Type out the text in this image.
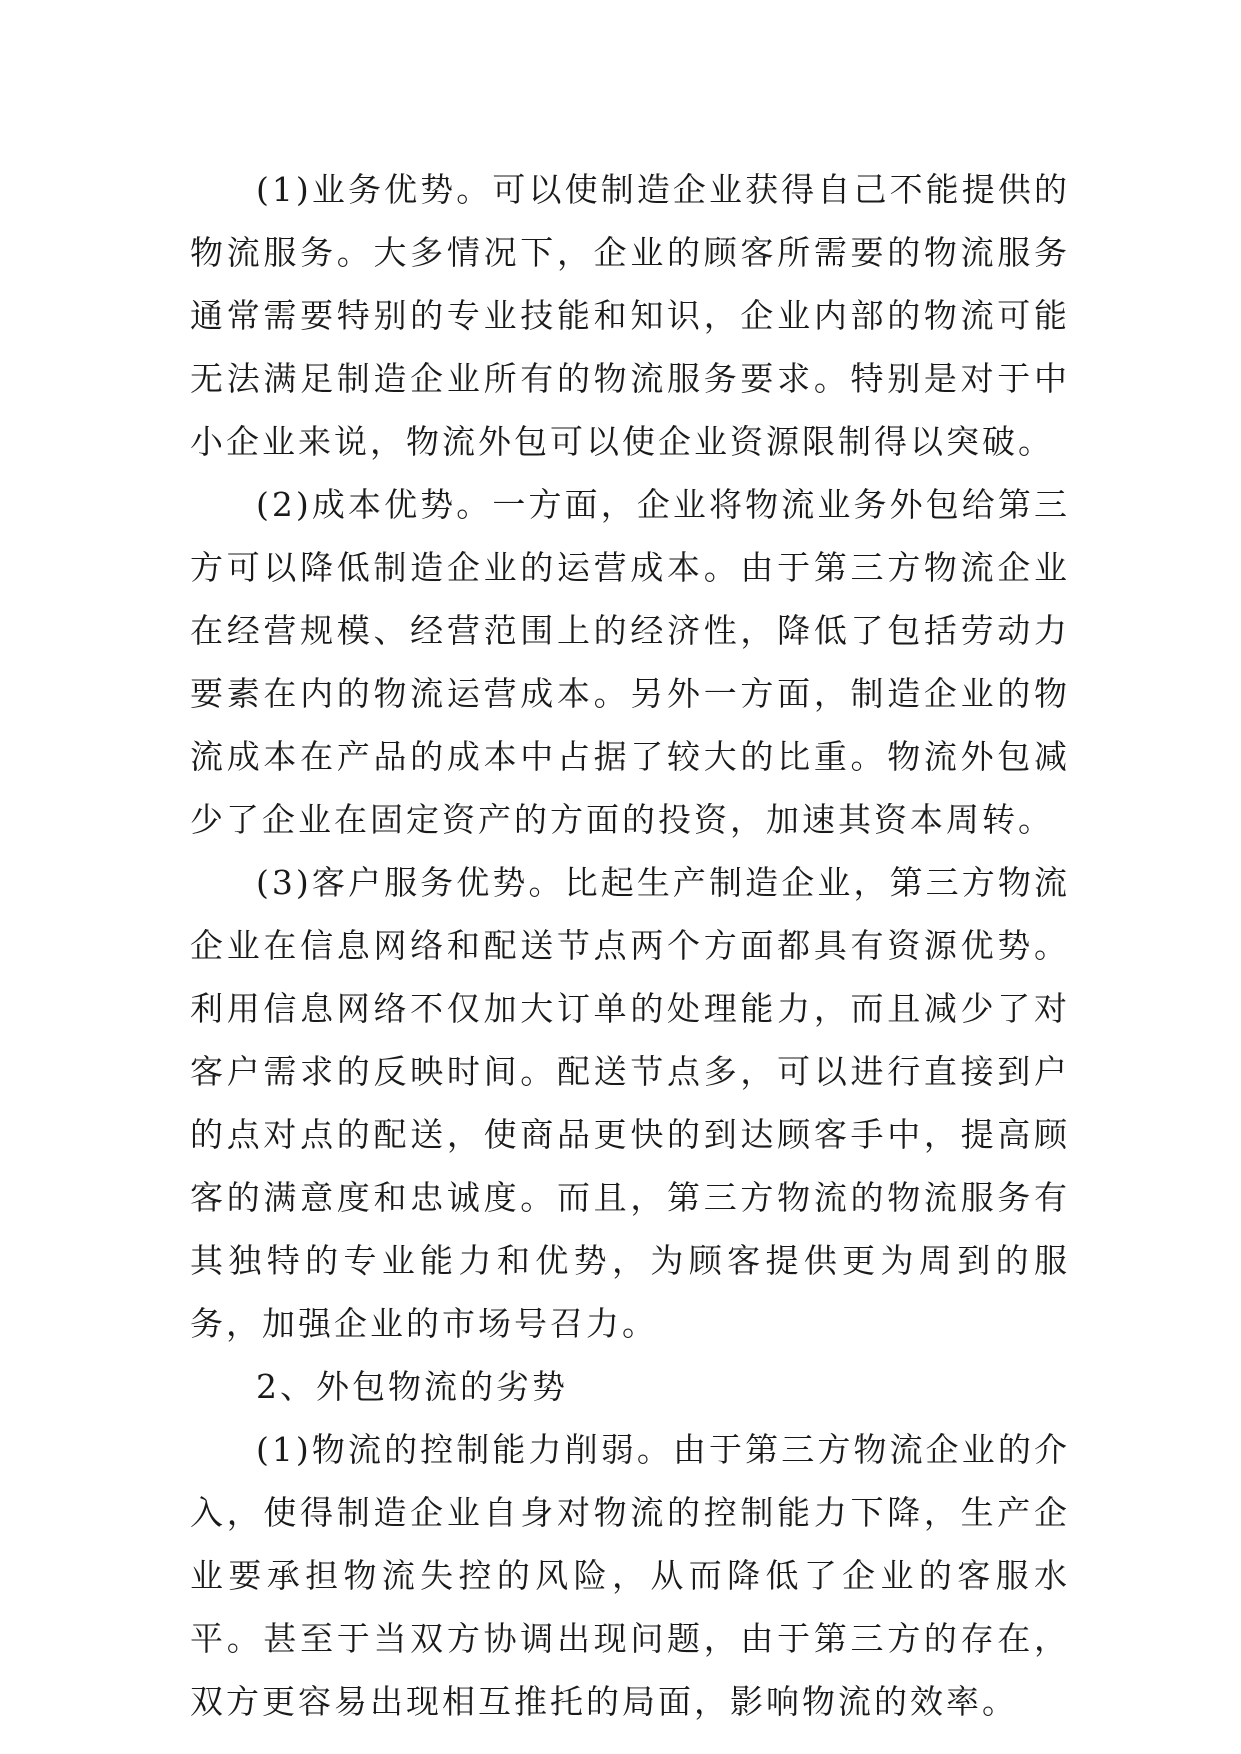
(1)业务优势。可以使制造企业获得自己不能提供的物流服务。大多情况下，企业的顾客所需要的物流服务通常需要特别的专业技能和知识，企业内部的物流可能无法满足制造企业所有的物流服务要求。特别是对于中小企业来说，物流外包可以使企业资源限制得以突破。

(2)成本优势。一方面，企业将物流业务外包给第三方可以降低制造企业的运营成本。由于第三方物流企业在经营规模、经营范围上的经济性，降低了包括劳动力要素在内的物流运营成本。另外一方面，制造企业的物流成本在产品的成本中占据了较大的比重。物流外包减少了企业在固定资产的方面的投资，加速其资本周转。

(3)客户服务优势。比起生产制造企业，第三方物流企业在信息网络和配送节点两个方面都具有资源优势。利用信息网络不仅加大订单的处理能力，而且减少了对客户需求的反映时间。配送节点多，可以进行直接到户的点对点的配送，使商品更快的到达顾客手中，提高顾客的满意度和忠诚度。而且，第三方物流的物流服务有其独特的专业能力和优势，为顾客提供更为周到的服务，加强企业的市场号召力。

2、外包物流的劣势

(1)物流的控制能力削弱。由于第三方物流企业的介入，使得制造企业自身对物流的控制能力下降，生产企业要承担物流失控的风险，从而降低了企业的客服水平。甚至于当双方协调出现问题，由于第三方的存在，双方更容易出现相互推托的局面，影响物流的效率。
